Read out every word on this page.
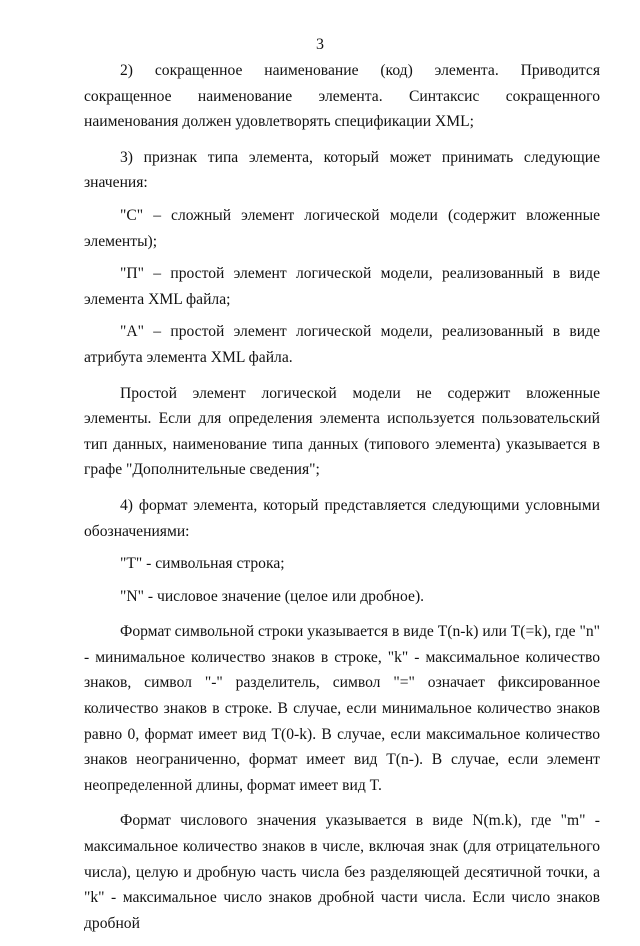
3

2) сокращенное наименование (код) элемента. Приводится сокращенное наименование элемента. Синтаксис сокращенного наименования должен удовлетворять спецификации XML;

3) признак типа элемента, который может принимать следующие значения:

"С" – сложный элемент логической модели (содержит вложенные элементы);

"П" – простой элемент логической модели, реализованный в виде элемента XML файла;

"А" – простой элемент логической модели, реализованный в виде атрибута элемента XML файла.

Простой элемент логической модели не содержит вложенные элементы. Если для определения элемента используется пользовательский тип данных, наименование типа данных (типового элемента) указывается в графе "Дополнительные сведения";

4) формат элемента, который представляется следующими условными обозначениями:

"Т" - символьная строка;

"N" - числовое значение (целое или дробное).

Формат символьной строки указывается в виде T(n-k) или T(=k), где "n" - минимальное количество знаков в строке, "k" - максимальное количество знаков, символ "-" разделитель, символ "=" означает фиксированное количество знаков в строке. В случае, если минимальное количество знаков равно 0, формат имеет вид T(0-k). В случае, если максимальное количество знаков неограниченно, формат имеет вид T(n-). В случае, если элемент неопределенной длины, формат имеет вид T.

Формат числового значения указывается в виде N(m.k), где "m" - максимальное количество знаков в числе, включая знак (для отрицательного числа), целую и дробную часть числа без разделяющей десятичной точки, а "k" - максимальное число знаков дробной части числа. Если число знаков дробной
